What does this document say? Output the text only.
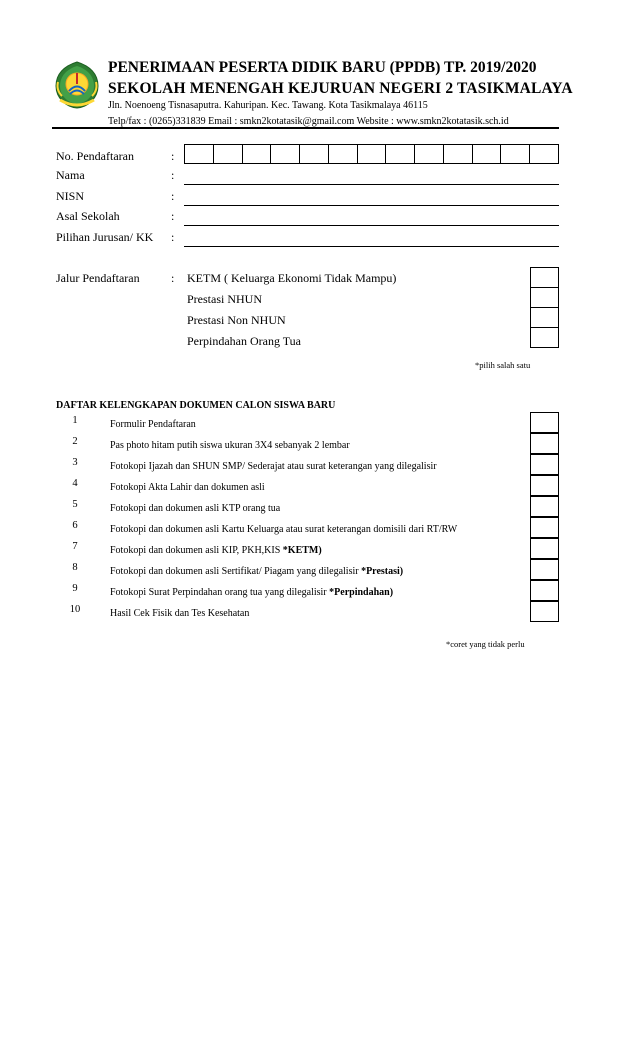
PENERIMAAN PESERTA DIDIK BARU (PPDB) TP. 2019/2020
SEKOLAH MENENGAH KEJURUAN NEGERI 2 TASIKMALAYA
Jln. Noenoeng Tisnasaputra. Kahuripan. Kec. Tawang. Kota Tasikmalaya 46115
Telp/fax : (0265)331839 Email : smkn2kotatasik@gmail.com Website : www.smkn2kotatasik.sch.id
No. Pendaftaran	:
Nama	:
NISN	:
Asal Sekolah	:
Pilihan Jurusan/ KK :
Jalur Pendaftaran	: KETM ( Keluarga Ekonomi Tidak Mampu)
Prestasi NHUN
Prestasi Non NHUN
Perpindahan Orang Tua
*pilih salah satu
DAFTAR KELENGKAPAN DOKUMEN CALON SISWA BARU
1	Formulir Pendaftaran
2	Pas photo hitam putih siswa ukuran 3X4 sebanyak 2 lembar
3	Fotokopi Ijazah dan SHUN SMP/ Sederajat atau surat keterangan yang dilegalisir
4	Fotokopi Akta Lahir dan dokumen asli
5	Fotokopi dan dokumen asli KTP orang tua
6	Fotokopi dan dokumen asli Kartu Keluarga atau surat keterangan domisili dari RT/RW
7	Fotokopi dan dokumen asli KIP, PKH,KIS *KETM)
8	Fotokopi dan dokumen asli Sertifikat/ Piagam yang dilegalisir *Prestasi)
9	Fotokopi Surat Perpindahan orang tua yang dilegalisir *Perpindahan)
10	Hasil Cek Fisik dan Tes Kesehatan
*coret yang tidak perlu
